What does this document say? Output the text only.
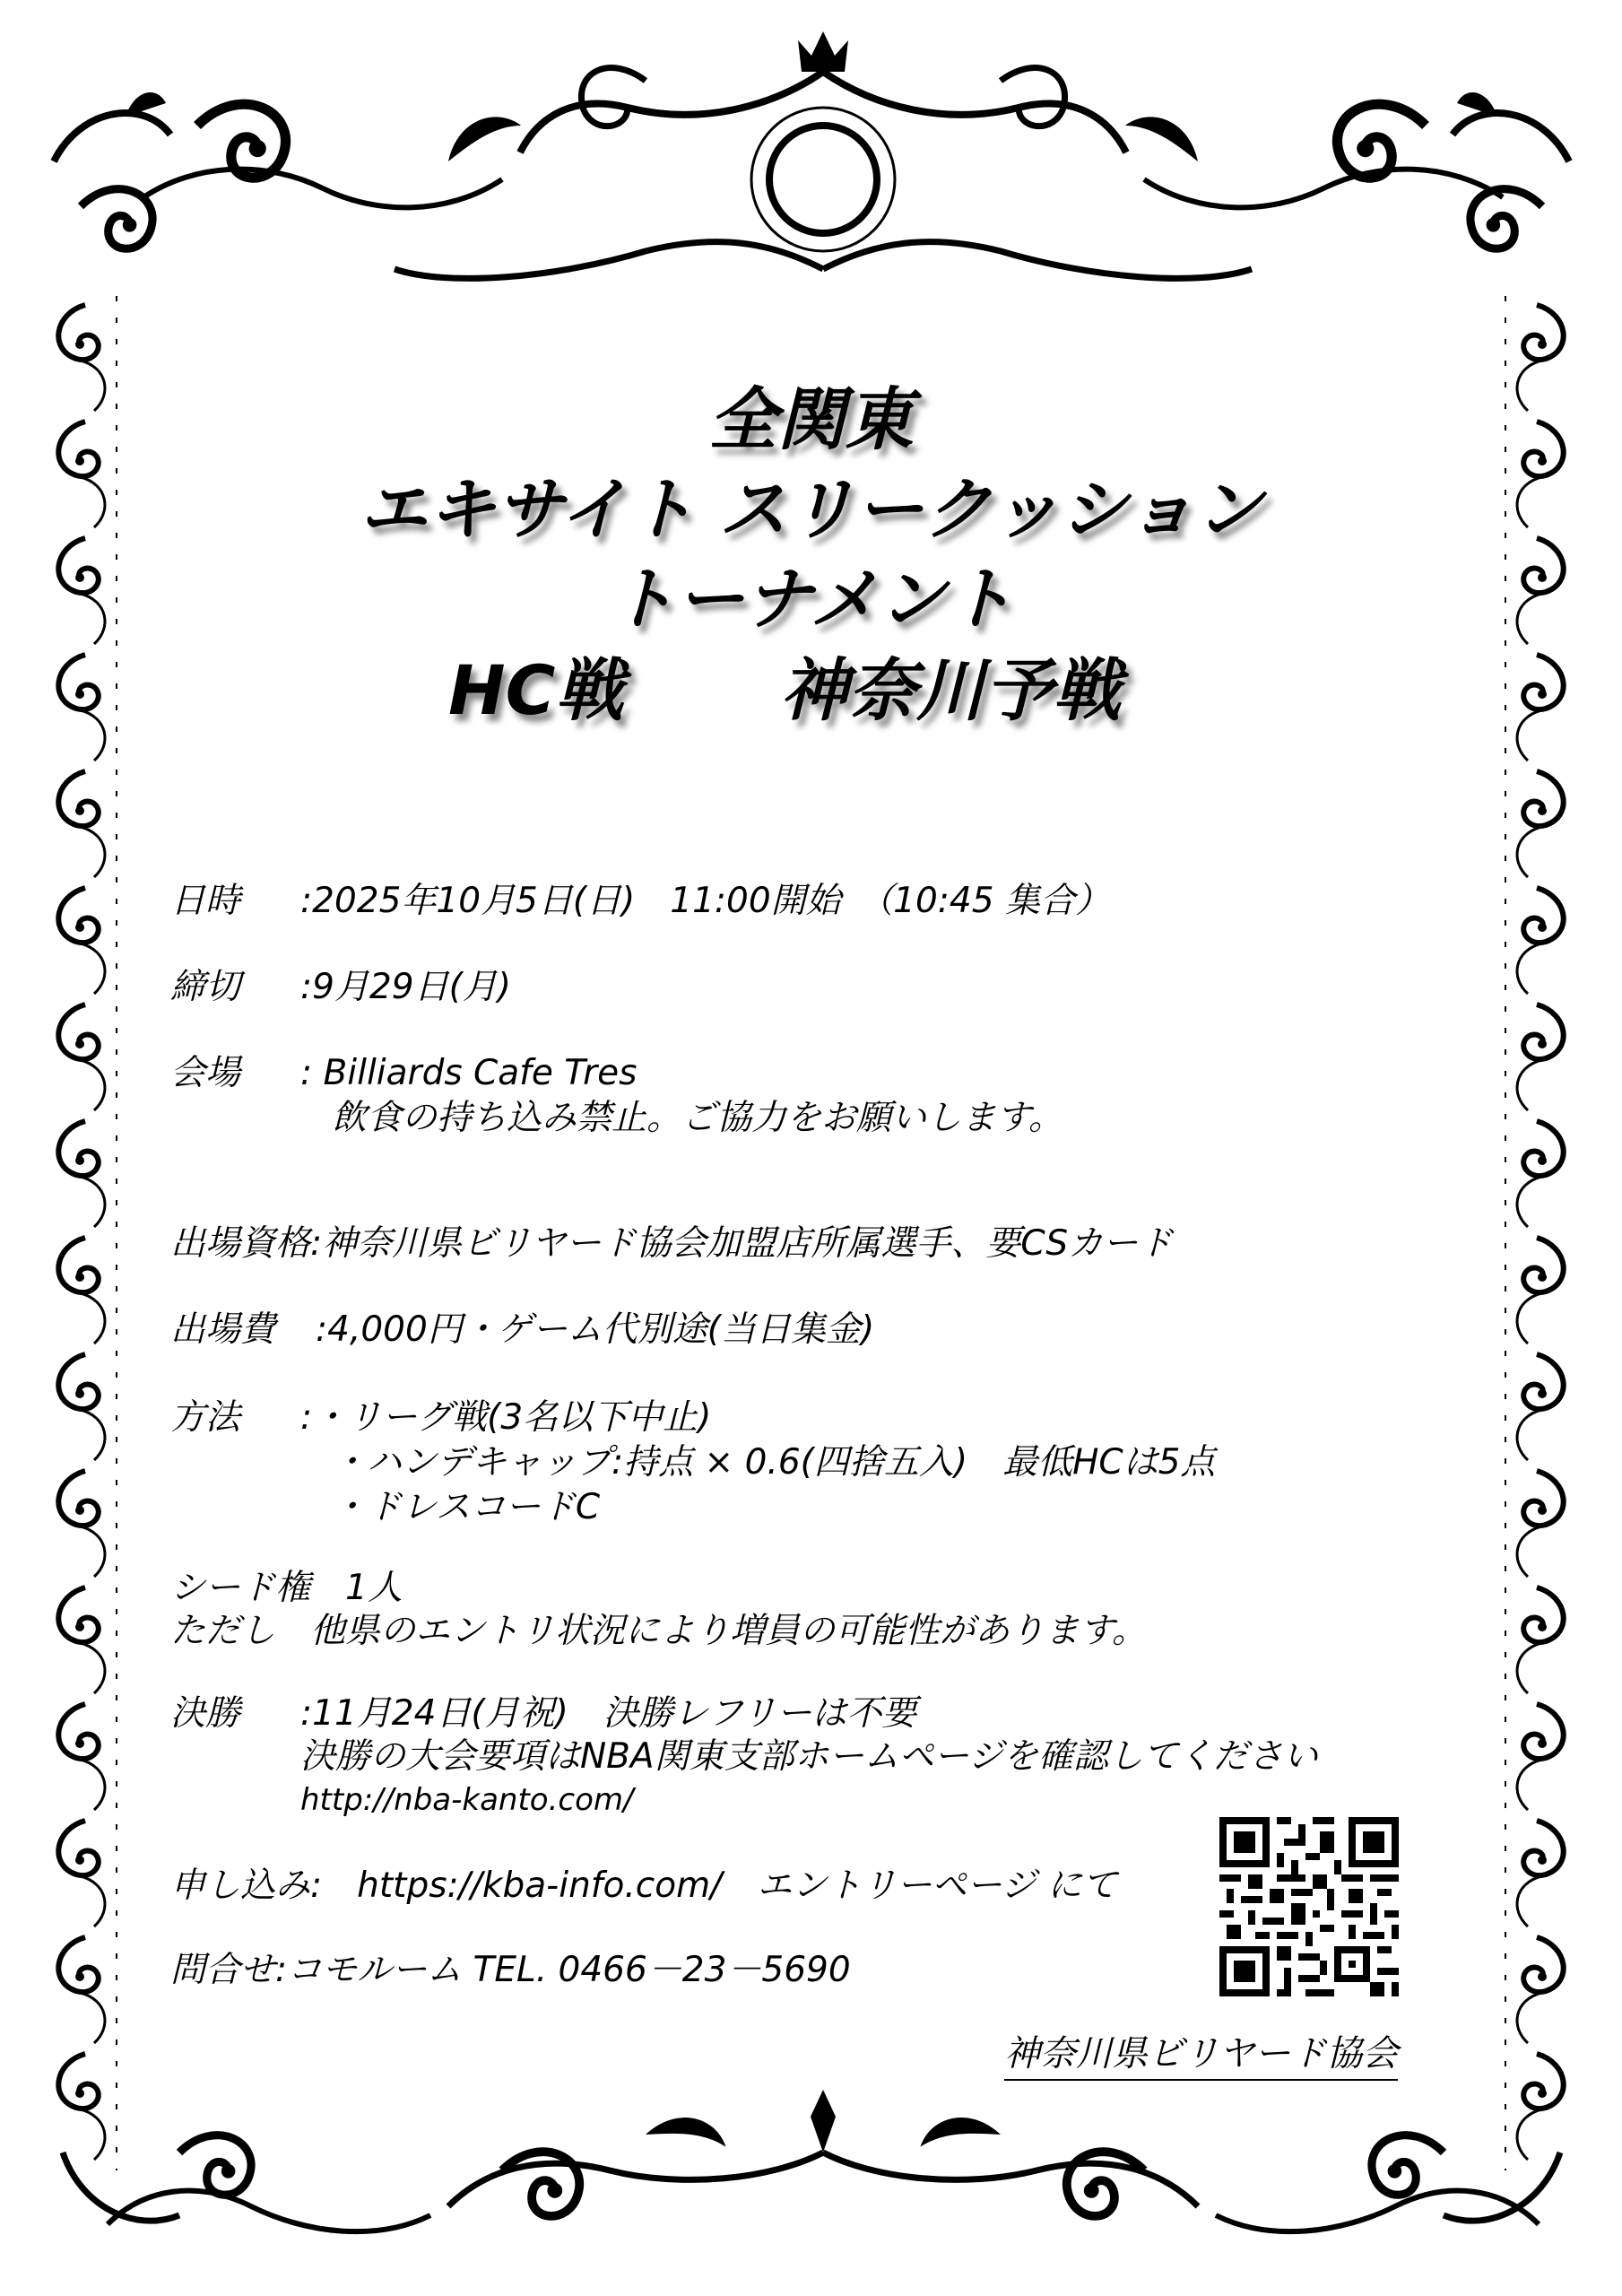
全関東
エキサイト スリークッション
トーナメント
HC戦 神奈川予戦
日時 :2025年10月5日(日)　11:00開始　（10:45 集合）
締切 :9月29日(月)
会場 : Billiards Cafe Tres
飲食の持ち込み禁止。ご協力をお願いします。
出場資格:神奈川県ビリヤード協会加盟店所属選手、要CSカード
出場費 :4,000円・ゲーム代別途(当日集金)
方法 :・リーグ戦(3名以下中止)
・ハンデキャップ:持点 × 0.6(四捨五入)　最低HCは5点
・ドレスコードC
シード権　1人
ただし　他県のエントリ状況により増員の可能性があります。
決勝 :11月24日(月祝)　決勝レフリーは不要
決勝の大会要項はNBA関東支部ホームページを確認してください
http://nba-kanto.com/
申し込み:　https://kba-info.com/　エントリーページ にて
問合せ:コモルーム TEL. 0466－23－5690
神奈川県ビリヤード協会
